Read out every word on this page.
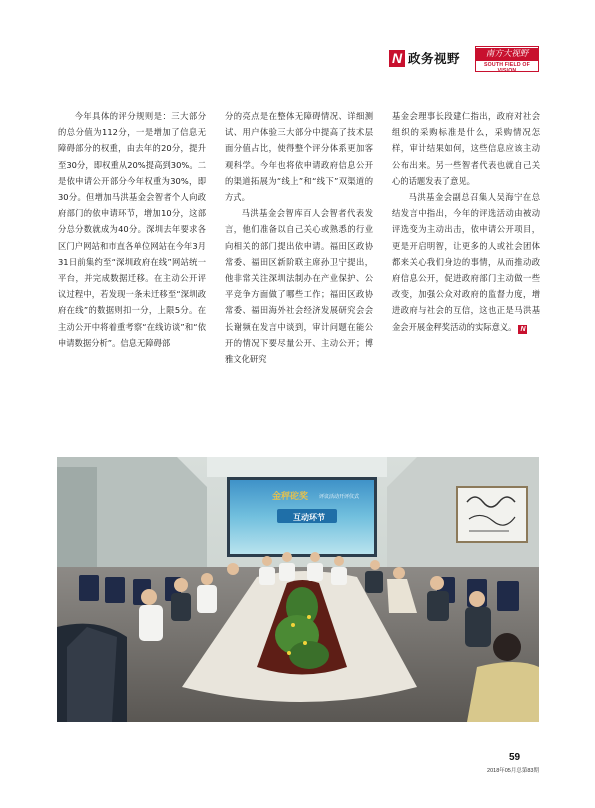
N 政务视野	南方大视野
SOUTH FIELD OF VISION

今年具体的评分规则是：三大部分的总分值为112分，一是增加了信息无障碍部分的权重，由去年的20分，提升至30分，即权重从20%提高到30%。二是依申请公开部分今年权重为30%，即30分。但增加马洪基金会智者个人向政府部门的依申请环节，增加10分，这部分总分数就成为40分。深圳去年要求各区门户网站和市直各单位网站在今年3月31日前集约至“深圳政府在线”网站统一平台，并完成数据迁移。在主动公开评议过程中，若发现一条未迁移至“深圳政府在线”的数据则扣一分，上限5分。在主动公开中将着重考察“在线访谈”和“依申请数据分析”。信息无障碍部

分的亮点是在整体无障碍情况、详细测试、用户体验三大部分中提高了技术层面分值占比，使得整个评分体系更加客观科学。今年也将依申请政府信息公开的渠道拓展为“线上”和“线下”双渠道的方式。

马洪基金会智库百人会智者代表发言，他们准备以自己关心或熟悉的行业向相关的部门提出依申请。福田区政协常委、福田区新阶联主席孙卫宁提出，他非常关注深圳法制办在产业保护、公平竞争方面做了哪些工作；福田区政协常委、福田海外社会经济发展研究会会长谢频在发言中谈到，审计问题在能公开的情况下要尽量公开、主动公开；博雅文化研究

基金会理事长段建仁指出，政府对社会组织的采购标准是什么，采购情况怎样，审计结果如何，这些信息应该主动公布出来。另一些智者代表也就自己关心的话题发表了意见。

马洪基金会副总召集人吴海宁在总结发言中指出，今年的评选活动由被动评选变为主动出击，依申请公开项目，更是开启明智，让更多的人或社会团体都来关心我们身边的事情，从而推动政府信息公开，促进政府部门主动做一些改变，加强公众对政府的监督力度，增进政府与社会的互信，这也正是马洪基金会开展金秤奖活动的实际意义。 N

金秤砣奖 评议活动开评仪式
互动环节
59
2018年05月总第83期
